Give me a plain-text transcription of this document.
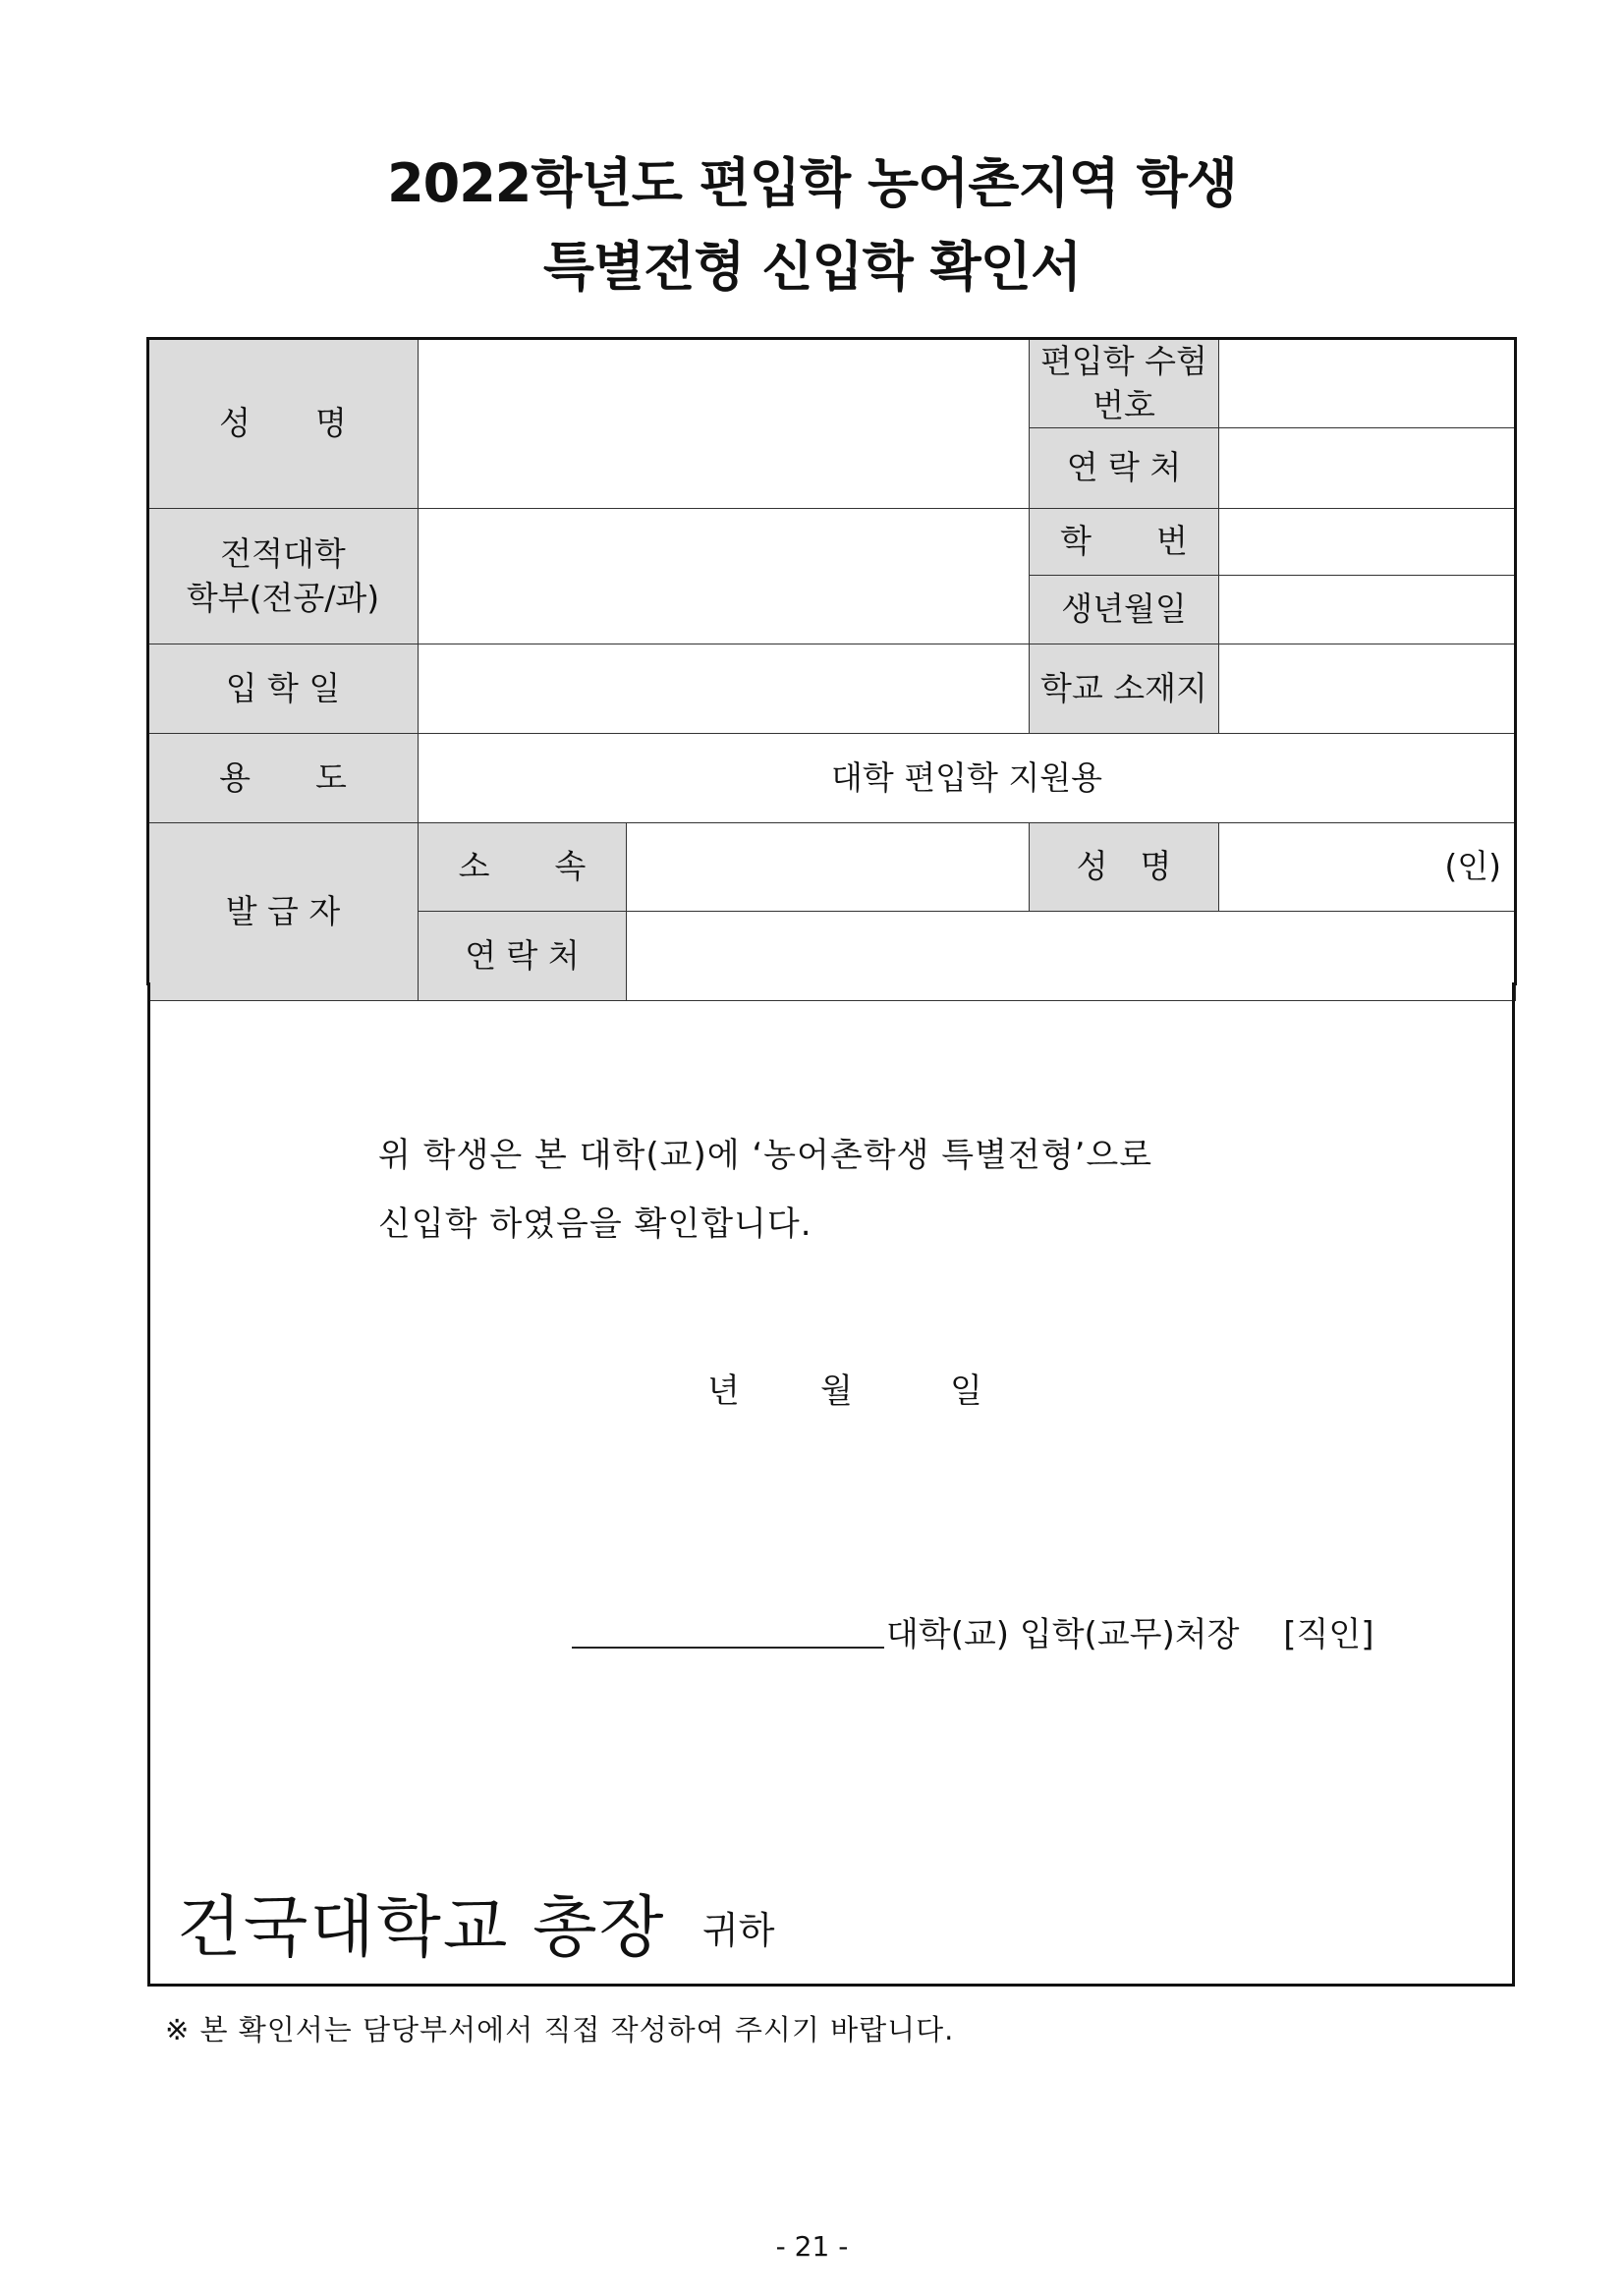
2022학년도 편입학 농어촌지역 학생
특별전형 신입학 확인서
성　　명			편입학 수험번호	
			연 락 처	

전적대학
학부(전공/과)			학　　번	
			생년월일	
입 학 일			학교 소재지	
용　　도	대학 편입학 지원용			
발 급 자	소　　속		성　명	(인)
	연 락 처			
위 학생은 본 대학(교)에 ‘농어촌학생 특별전형’으로
신입학 하였음을 확인합니다.
년 월	일
대학(교) 입학(교무)처장　 [직인]
건국대학교 총장 귀하
※ 본 확인서는 담당부서에서 직접 작성하여 주시기 바랍니다.
- 21 -
